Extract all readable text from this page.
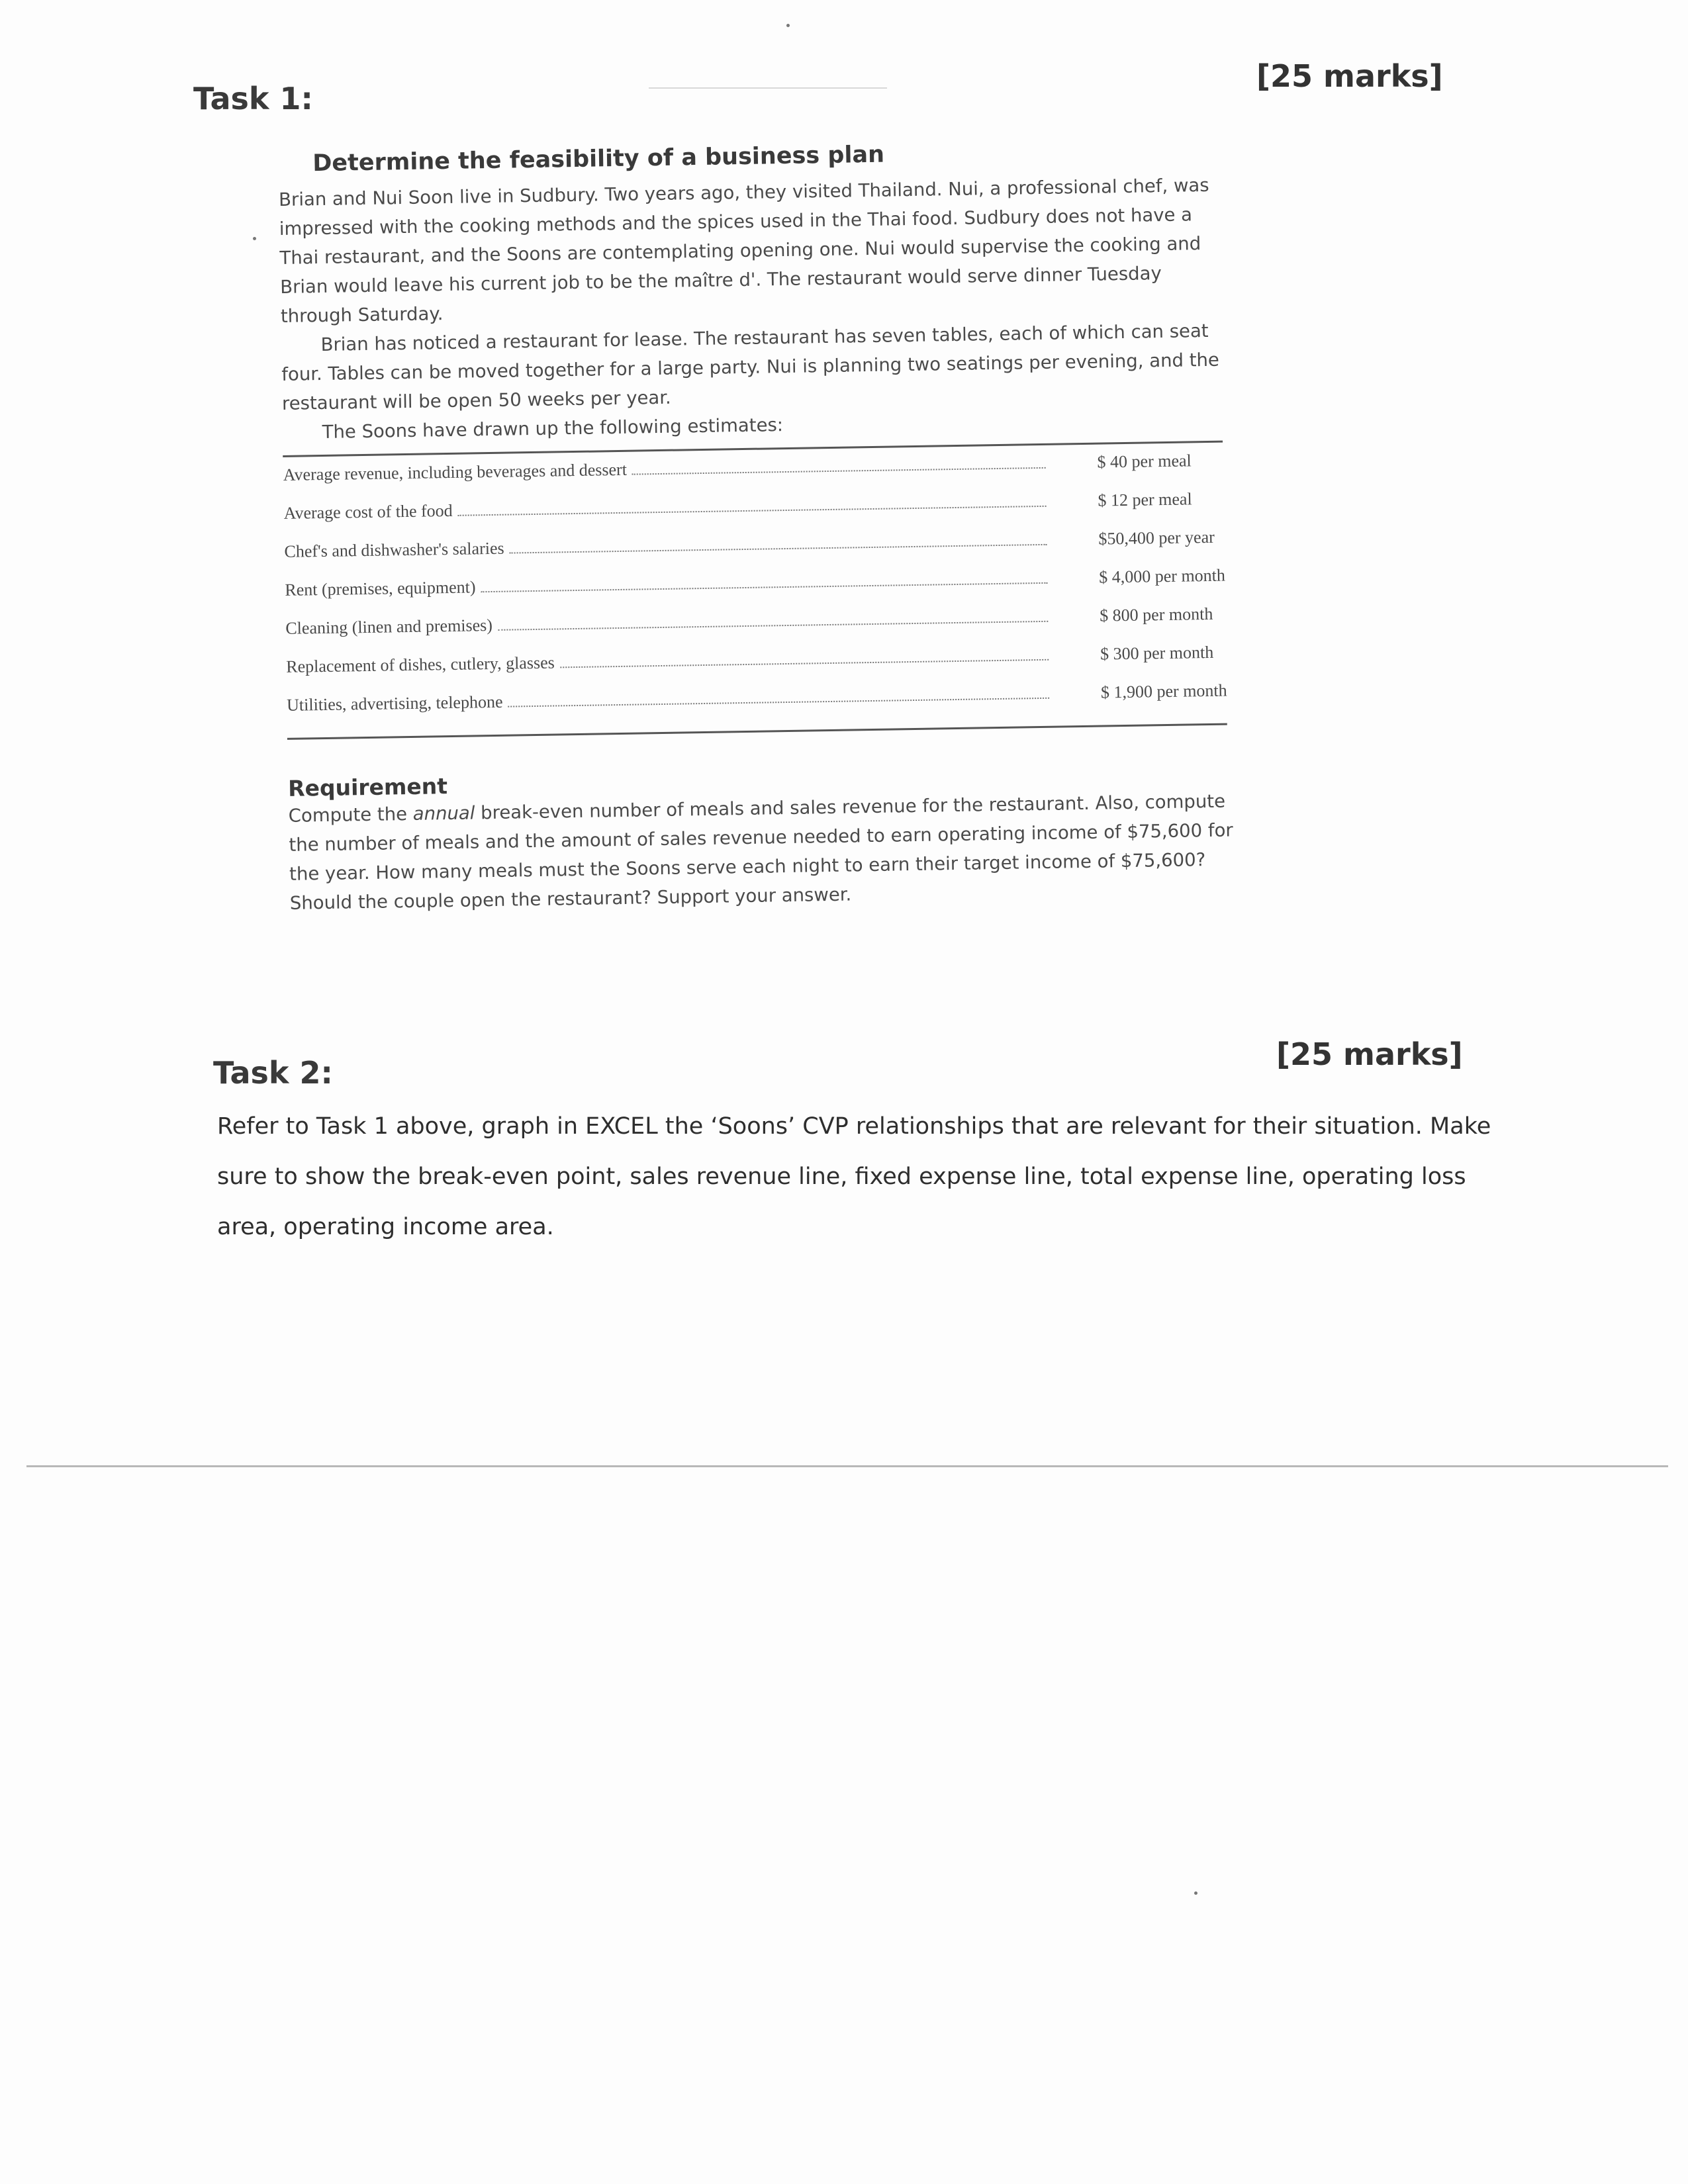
Task 1:
[25 marks]
Determine the feasibility of a business plan

Brian and Nui Soon live in Sudbury. Two years ago, they visited Thailand. Nui, a professional chef, was impressed with the cooking methods and the spices used in the Thai food. Sudbury does not have a Thai restaurant, and the Soons are contemplating opening one. Nui would supervise the cooking and Brian would leave his current job to be the maître d'. The restaurant would serve dinner Tuesday through Saturday.

Brian has noticed a restaurant for lease. The restaurant has seven tables, each of which can seat four. Tables can be moved together for a large party. Nui is planning two seatings per evening, and the restaurant will be open 50 weeks per year.

The Soons have drawn up the following estimates:

Average revenue, including beverages and dessert	$ 40 per meal
Average cost of the food
$ 12 per meal
Chef's and dishwasher's salaries
$50,400 per year
Rent (premises, equipment)
$ 4,000 per month
Cleaning (linen and premises)
$ 800 per month
Replacement of dishes, cutlery, glasses	$ 300 per month
Utilities, advertising, telephone
$ 1,900 per month
Requirement
Compute the annual break-even number of meals and sales revenue for the restaurant. Also, compute the number of meals and the amount of sales revenue needed to earn operating income of $75,600 for the year. How many meals must the Soons serve each night to earn their target income of $75,600? Should the couple open the restaurant? Support your answer.
Task 2:
[25 marks]
Refer to Task 1 above, graph in EXCEL the ‘Soons’ CVP relationships that are relevant for their situation. Make sure to show the break-even point, sales revenue line, fixed expense line, total expense line, operating loss area, operating income area.
